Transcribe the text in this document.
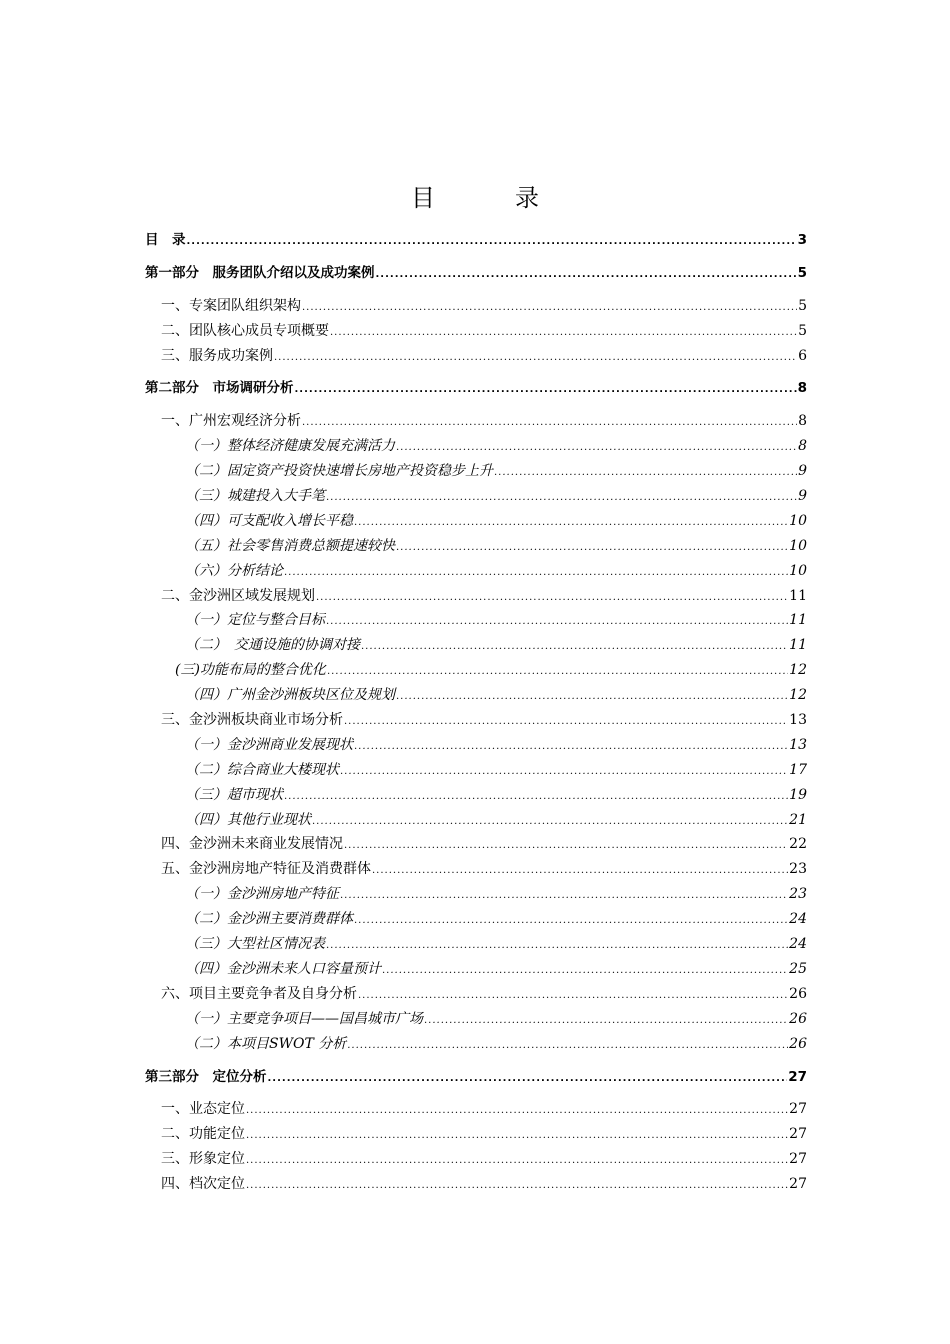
目　录
目　录 .....	3
第一部分　服务团队介绍以及成功案例 .....	5
一、专案团队组织架构 .....	5
二、团队核心成员专项概要 .....	5
三、服务成功案例 .....	6
第二部分　市场调研分析 .....	8
一、广州宏观经济分析 .....	8
（一）整体经济健康发展充满活力 .....	8
（二）固定资产投资快速增长房地产投资稳步上升 .....	9
（三）城建投入大手笔 .....	9
（四）可支配收入增长平稳 .....	10
（五）社会零售消费总额提速较快 .....	10
（六）分析结论 .....	10
二、金沙洲区域发展规划 .....	11
（一）定位与整合目标 .....	11
（二）　交通设施的协调对接 .....	11
(三)功能布局的整合优化 .....	12
（四）广州金沙洲板块区位及规划 .....	12
三、金沙洲板块商业市场分析 .....	13
（一）金沙洲商业发展现状 .....	13
（二）综合商业大楼现状 .....	17
（三）超市现状 .....	19
（四）其他行业现状 .....	21
四、金沙洲未来商业发展情况 .....	22
五、金沙洲房地产特征及消费群体 .....	23
（一）金沙洲房地产特征 .....	23
（二）金沙洲主要消费群体 .....	24
（三）大型社区情况表 .....	24
（四）金沙洲未来人口容量预计 .....	25
六、项目主要竞争者及自身分析 .....	26
（一）主要竞争项目——国昌城市广场 .....	26
（二）本项目SWOT 分析 .....	26
第三部分　定位分析 .....	27
一、业态定位 .....	27
二、功能定位 .....	27
三、形象定位 .....	27
四、档次定位 .....	27
